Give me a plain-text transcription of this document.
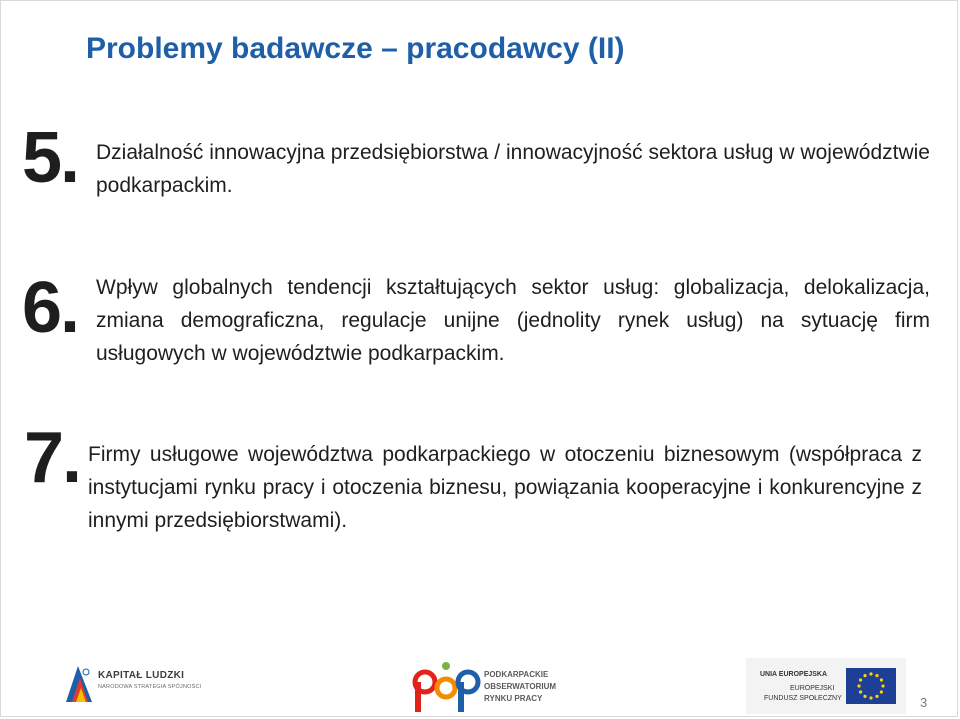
Problemy badawcze – pracodawcy (II)
5. Działalność innowacyjna przedsiębiorstwa / innowacyjność sektora usług w województwie podkarpackim.
6. Wpływ globalnych tendencji kształtujących sektor usług: globalizacja, delokalizacja, zmiana demograficzna, regulacje unijne (jednolity rynek usług) na sytuację firm usługowych w województwie podkarpackim.
7. Firmy usługowe województwa podkarpackiego w otoczeniu biznesowym (współpraca z instytucjami rynku pracy i otoczenia biznesu, powiązania kooperacyjne i konkurencyjne z innymi przedsiębiorstwami).
KAPITAŁ LUDZKI
NARODOWA STRATEGIA SPÓJNOŚCI
PODKARPACKIE
OBSERWATORIUM
RYNKU PRACY
UNIA EUROPEJSKA
EUROPEJSKI
FUNDUSZ SPOŁECZNY	3
